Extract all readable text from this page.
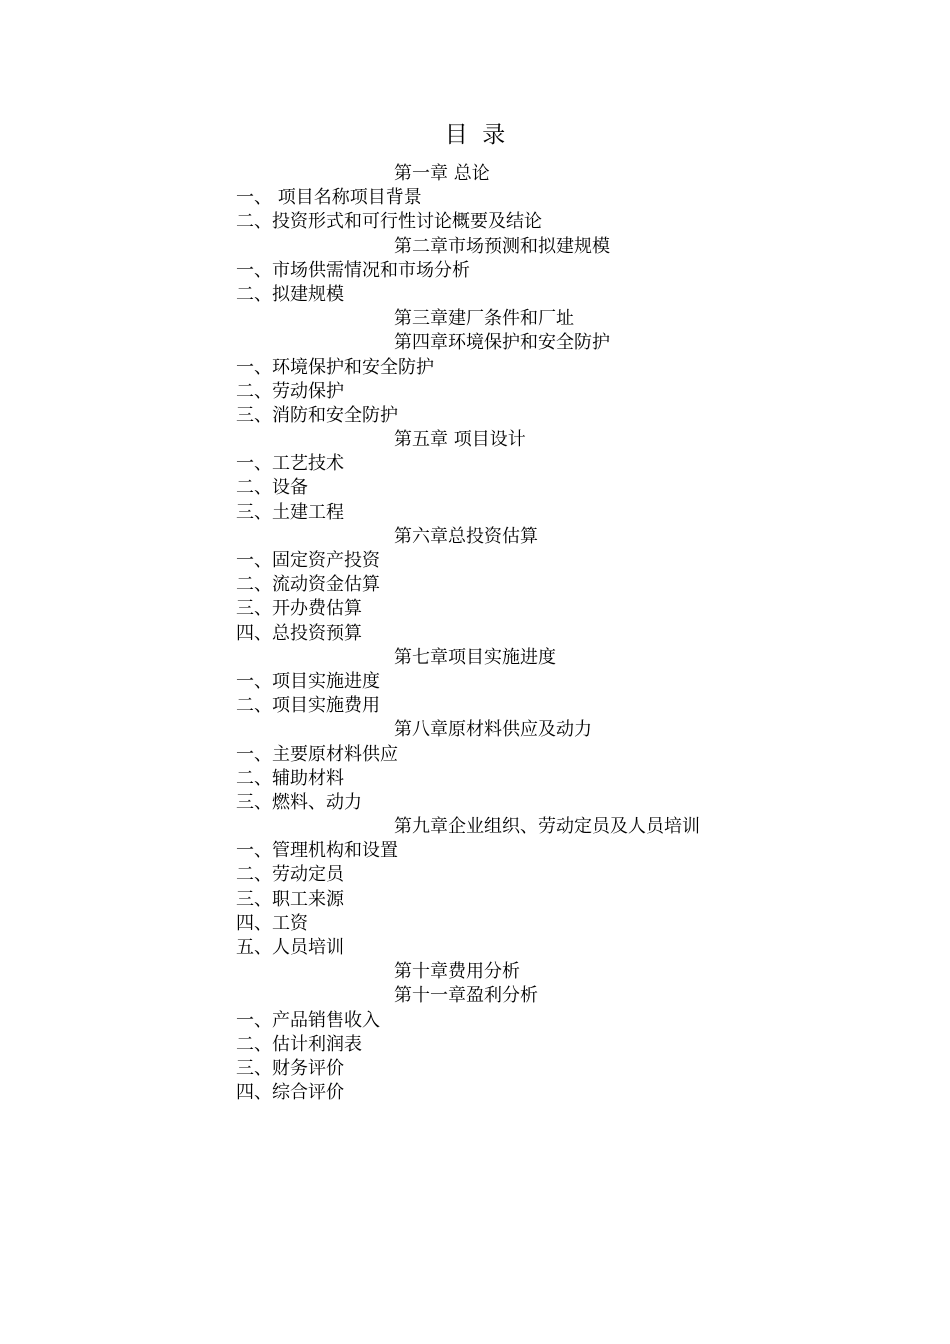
目  录
第一章 总论
一、 项目名称项目背景
二、投资形式和可行性讨论概要及结论
第二章市场预测和拟建规模
一、市场供需情况和市场分析
二、拟建规模
第三章建厂条件和厂址
第四章环境保护和安全防护
一、环境保护和安全防护
二、劳动保护
三、消防和安全防护
第五章 项目设计
一、工艺技术
二、设备
三、土建工程
第六章总投资估算
一、固定资产投资
二、流动资金估算
三、开办费估算
四、总投资预算
第七章项目实施进度
一、项目实施进度
二、项目实施费用
第八章原材料供应及动力
一、主要原材料供应
二、辅助材料
三、燃料、动力
第九章企业组织、劳动定员及人员培训
一、管理机构和设置
二、劳动定员
三、职工来源
四、工资
五、人员培训
第十章费用分析
第十一章盈利分析
一、产品销售收入
二、估计利润表
三、财务评价
四、综合评价
